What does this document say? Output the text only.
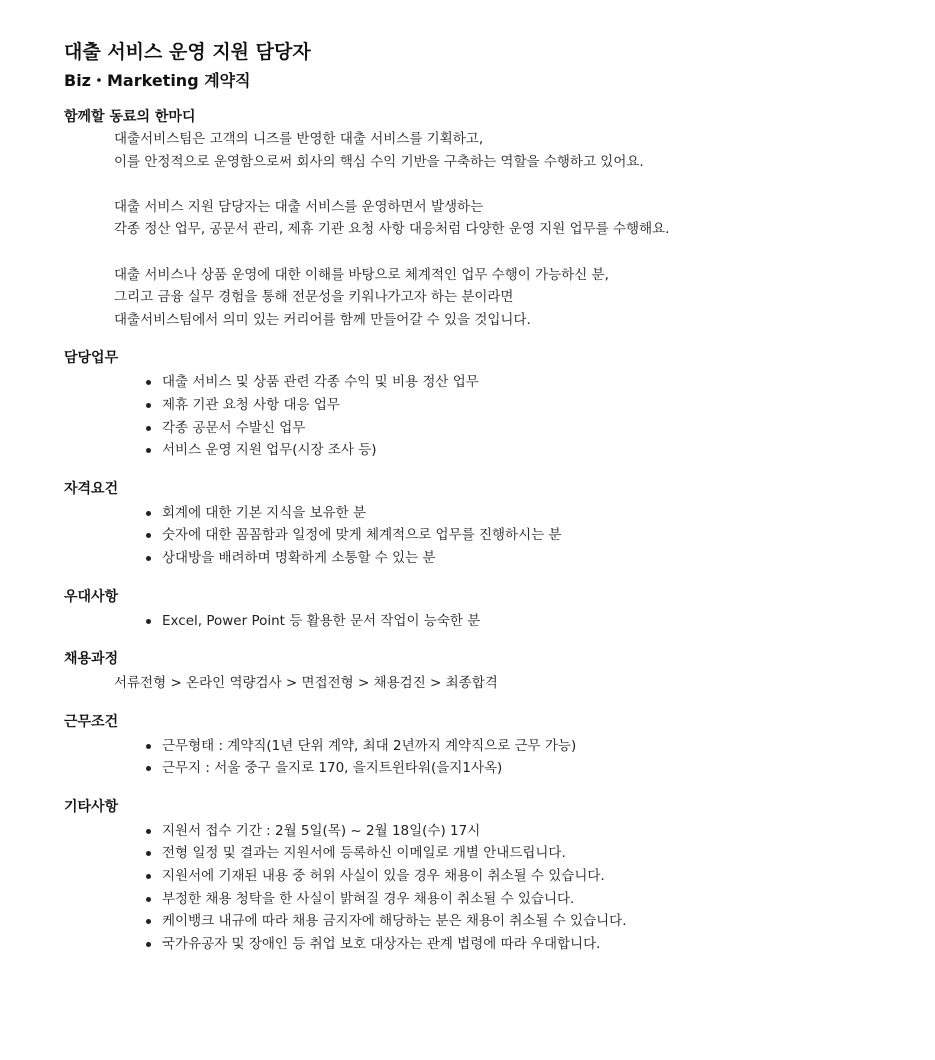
대출 서비스 운영 지원 담당자
Biz・Marketing 계약직
함께할 동료의 한마디
대출서비스팀은 고객의 니즈를 반영한 대출 서비스를 기획하고,
이를 안정적으로 운영함으로써 회사의 핵심 수익 기반을 구축하는 역할을 수행하고 있어요.
대출 서비스 지원 담당자는 대출 서비스를 운영하면서 발생하는
각종 정산 업무, 공문서 관리, 제휴 기관 요청 사항 대응처럼 다양한 운영 지원 업무를 수행해요.
대출 서비스나 상품 운영에 대한 이해를 바탕으로 체계적인 업무 수행이 가능하신 분,
그리고 금융 실무 경험을 통해 전문성을 키워나가고자 하는 분이라면
대출서비스팀에서 의미 있는 커리어를 함께 만들어갈 수 있을 것입니다.
담당업무
대출 서비스 및 상품 관련 각종 수익 및 비용 정산 업무
제휴 기관 요청 사항 대응 업무
각종 공문서 수발신 업무
서비스 운영 지원 업무(시장 조사 등)
자격요건
회계에 대한 기본 지식을 보유한 분
숫자에 대한 꼼꼼함과 일정에 맞게 체계적으로 업무를 진행하시는 분
상대방을 배려하며 명확하게 소통할 수 있는 분
우대사항
Excel, Power Point 등 활용한 문서 작업이 능숙한 분
채용과정
서류전형 > 온라인 역량검사 > 면접전형 > 채용검진 > 최종합격
근무조건
근무형태 : 계약직(1년 단위 계약, 최대 2년까지 계약직으로 근무 가능)
근무지 : 서울 중구 을지로 170, 을지트윈타워(을지1사옥)
기타사항
지원서 접수 기간 : 2월 5일(목) ~ 2월 18일(수) 17시
전형 일정 및 결과는 지원서에 등록하신 이메일로 개별 안내드립니다.
지원서에 기재된 내용 중 허위 사실이 있을 경우 채용이 취소될 수 있습니다.
부정한 채용 청탁을 한 사실이 밝혀질 경우 채용이 취소될 수 있습니다.
케이뱅크 내규에 따라 채용 금지자에 해당하는 분은 채용이 취소될 수 있습니다.
국가유공자 및 장애인 등 취업 보호 대상자는 관계 법령에 따라 우대합니다.
